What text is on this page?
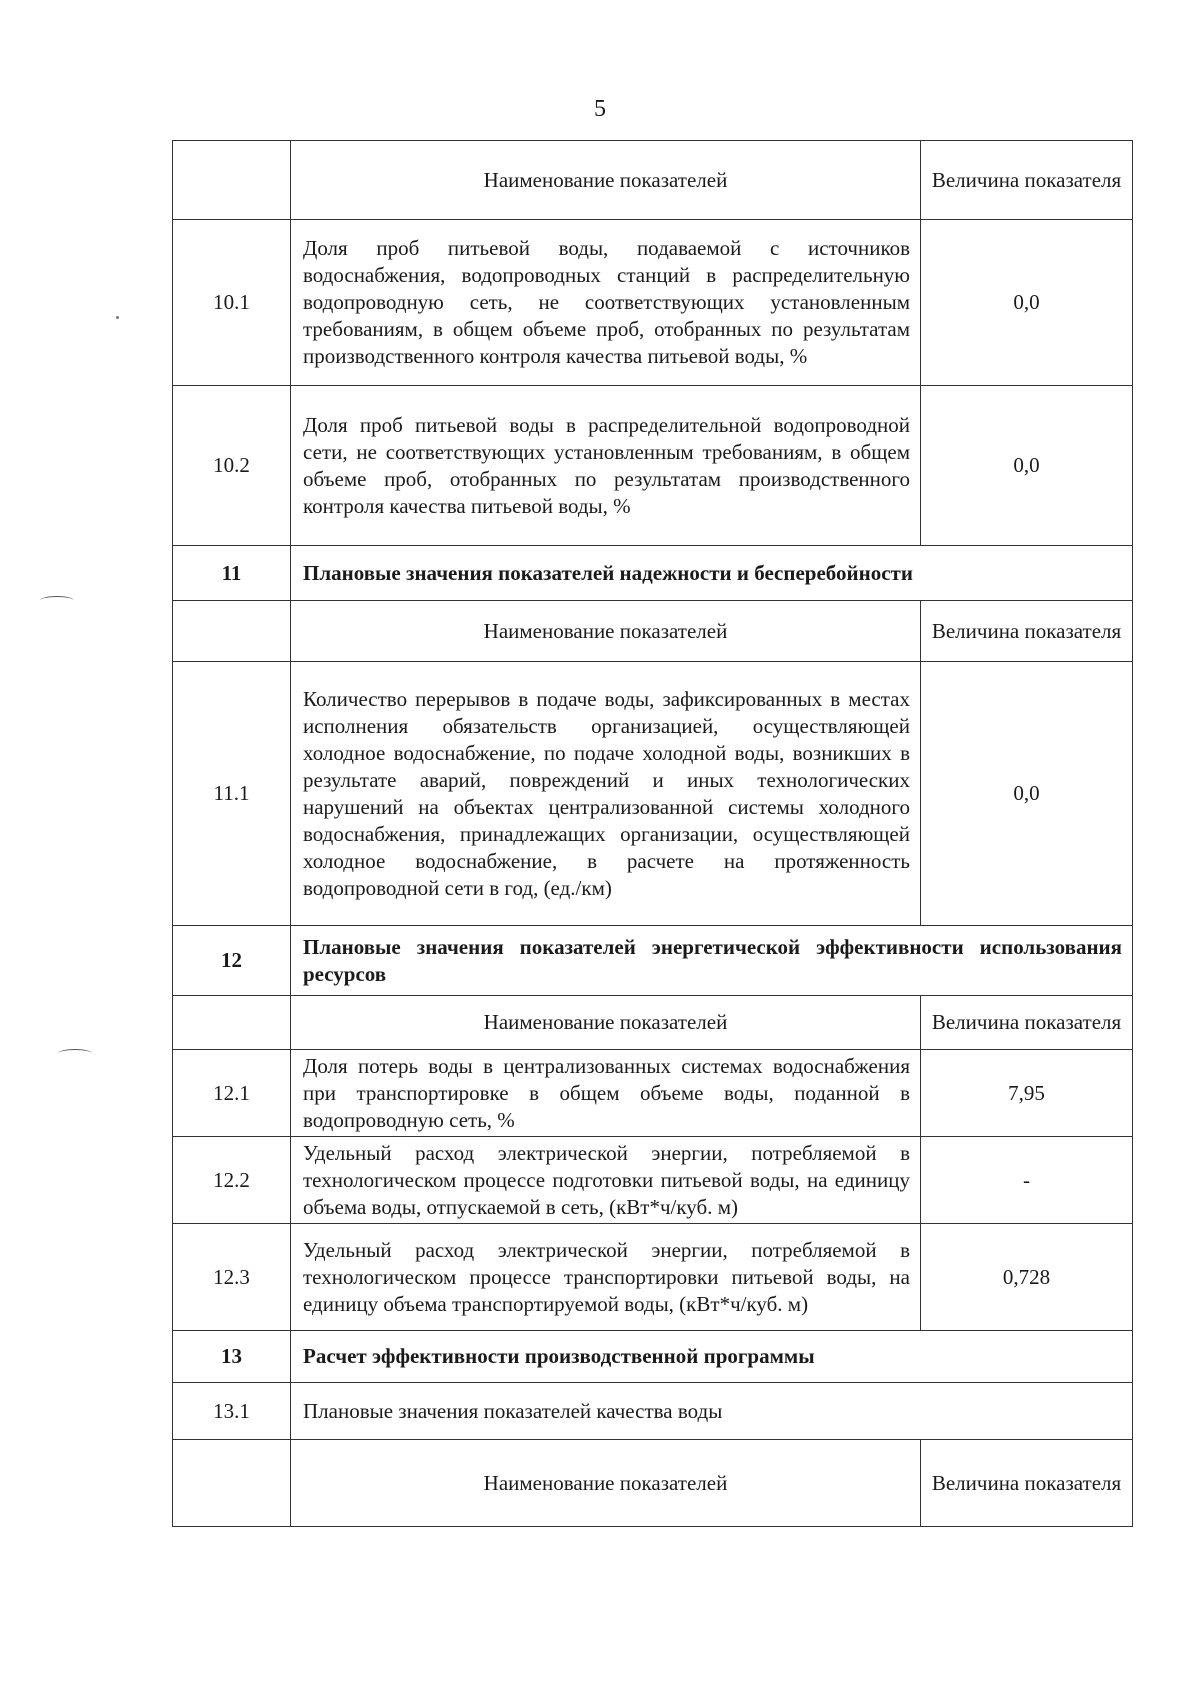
5
	Наименование показателей	Величина показателя
10.1	Доля проб питьевой воды, подаваемой с источников водоснабжения, водопроводных станций в распределительную водопроводную сеть, не соответствующих установленным требованиям, в общем объеме проб, отобранных по результатам производственного контроля качества питьевой воды, %	0,0
10.2	Доля проб питьевой воды в распределительной водопроводной сети, не соответствующих установленным требованиям, в общем объеме проб, отобранных по результатам производственного контроля качества питьевой воды, %	0,0
11	Плановые значения показателей надежности и бесперебойности	
	Наименование показателей	Величина показателя
11.1	Количество перерывов в подаче воды, зафиксированных в местах исполнения обязательств организацией, осуществляющей холодное водоснабжение, по подаче холодной воды, возникших в результате аварий, повреждений и иных технологических нарушений на объектах централизованной системы холодного водоснабжения, принадлежащих организации, осуществляющей холодное водоснабжение, в расчете на протяженность водопроводной сети в год, (ед./км)	0,0
12	Плановые значения показателей энергетической эффективности использования ресурсов	
	Наименование показателей	Величина показателя
12.1	Доля потерь воды в централизованных системах водоснабжения при транспортировке в общем объеме воды, поданной в водопроводную сеть, %	7,95
12.2	Удельный расход электрической энергии, потребляемой в технологическом процессе подготовки питьевой воды, на единицу объема воды, отпускаемой в сеть, (кВт*ч/куб. м)	-
12.3	Удельный расход электрической энергии, потребляемой в технологическом процессе транспортировки питьевой воды, на единицу объема транспортируемой воды, (кВт*ч/куб. м)	0,728
13	Расчет эффективности производственной программы	
13.1	Плановые значения показателей качества воды	
	Наименование показателей	Величина показателя
